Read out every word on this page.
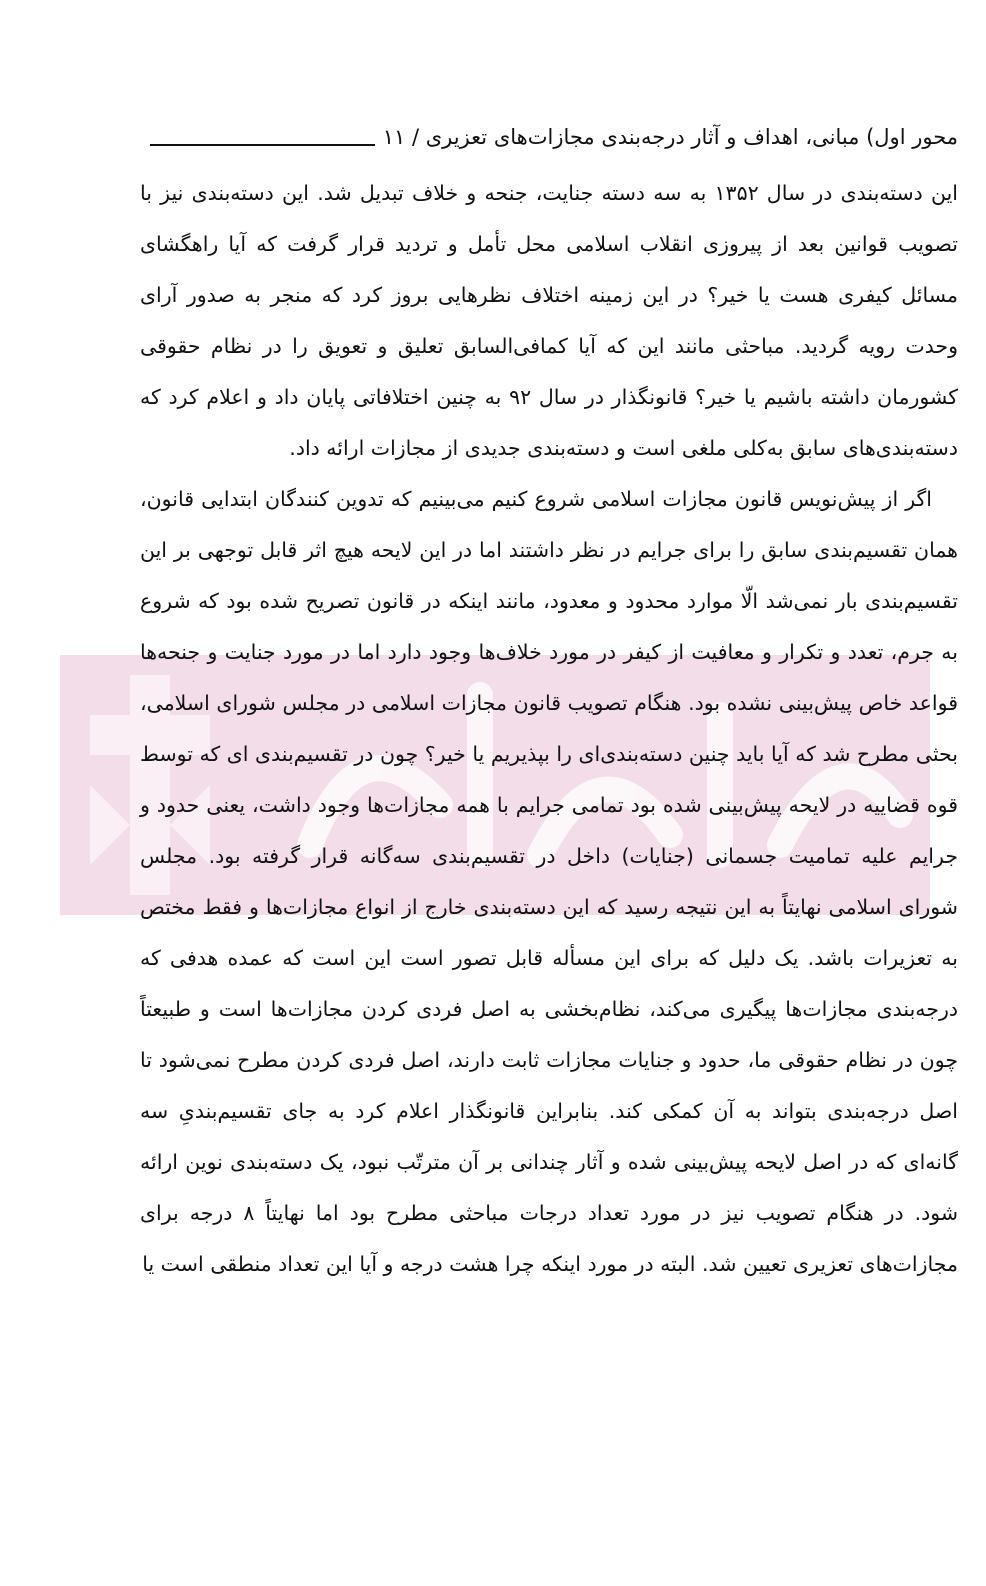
محور اول) مبانی، اهداف و آثار درجه‌بندی مجازات‌های تعزیری / ۱۱

این دسته‌بندی در سال ۱۳۵۲ به سه دسته جنایت، جنحه و خلاف تبدیل شد. این دسته‌بندی نیز با تصویب قوانین بعد از پیروزی انقلاب اسلامی محل تأمل و تردید قرار گرفت که آیا راهگشای مسائل کیفری هست یا خیر؟ در این زمینه اختلاف نظرهایی بروز کرد که منجر به صدور آرای وحدت رویه گردید. مباحثی مانند این که آیا کمافی‌السابق تعلیق و تعویق را در نظام حقوقی کشورمان داشته باشیم یا خیر؟ قانونگذار در سال ۹۲ به چنین اختلافاتی پایان داد و اعلام کرد که دسته‌بندی‌های سابق به‌کلی ملغی است و دسته‌بندی جدیدی از مجازات ارائه داد.

اگر از پیش‌نویس قانون مجازات اسلامی شروع کنیم می‌بینیم که تدوین کنندگان ابتدایی قانون، همان تقسیم‌بندی سابق را برای جرایم در نظر داشتند اما در این لایحه هیچ اثر قابل توجهی بر این تقسیم‌بندی بار نمی‌شد الّا موارد محدود و معدود، مانند اینکه در قانون تصریح شده بود که شروع به جرم، تعدد و تکرار و معافیت از کیفر در مورد خلاف‌ها وجود دارد اما در مورد جنایت و جنحه‌ها قواعد خاص پیش‌بینی نشده بود. هنگام تصویب قانون مجازات اسلامی در مجلس شورای اسلامی، بحثی مطرح شد که آیا باید چنین دسته‌بندی‌ای را بپذیریم یا خیر؟ چون در تقسیم‌بندی ای که توسط قوه قضاییه در لایحه پیش‌بینی شده بود تمامی جرایم با همه مجازات‌ها وجود داشت، یعنی حدود و جرایم علیه تمامیت جسمانی (جنایات) داخل در تقسیم‌بندی سه‌گانه قرار گرفته بود. مجلس شورای اسلامی نهایتاً به این نتیجه رسید که این دسته‌بندی خارج از انواع مجازات‌ها و فقط مختص به تعزیرات باشد. یک دلیل که برای این مسأله قابل تصور است این است که عمده هدفی که درجه‌بندی مجازات‌ها پیگیری می‌کند، نظام‌بخشی به اصل فردی کردن مجازات‌ها است و طبیعتاً چون در نظام حقوقی ما، حدود و جنایات مجازات ثابت دارند، اصل فردی کردن مطرح نمی‌شود تا اصل درجه‌بندی بتواند به آن کمکی کند. بنابراین قانونگذار اعلام کرد به جای تقسیم‌بندیِ سه گانه‌ای که در اصل لایحه پیش‌بینی شده و آثار چندانی بر آن مترتّب نبود، یک دسته‌بندی نوین ارائه شود. در هنگام تصویب نیز در مورد تعداد درجات مباحثی مطرح بود اما نهایتاً ۸ درجه برای مجازات‌های تعزیری تعیین شد. البته در مورد اینکه چرا هشت درجه و آیا این تعداد منطقی است یا
